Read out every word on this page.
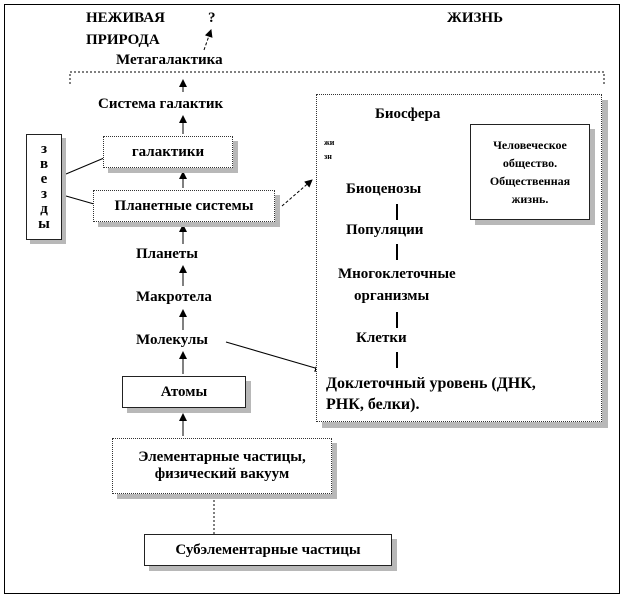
НЕЖИВАЯ
ПРИРОДА
?	ЖИЗНЬ
Метагалактика
Система галактик
галактики
Планетные системы
Планеты
Макротела
Молекулы
Атомы
Элементарные частицы,
физический вакуум
Субэлементарные частицы
з
в
е
з
д
ы
Биосфера
жи
зн
Биоценозы
Популяции
Многоклеточные
организмы
Клетки
Доклеточный уровень (ДНК,
РНК, белки).
Человеческое
общество.
Общественная
жизнь.
